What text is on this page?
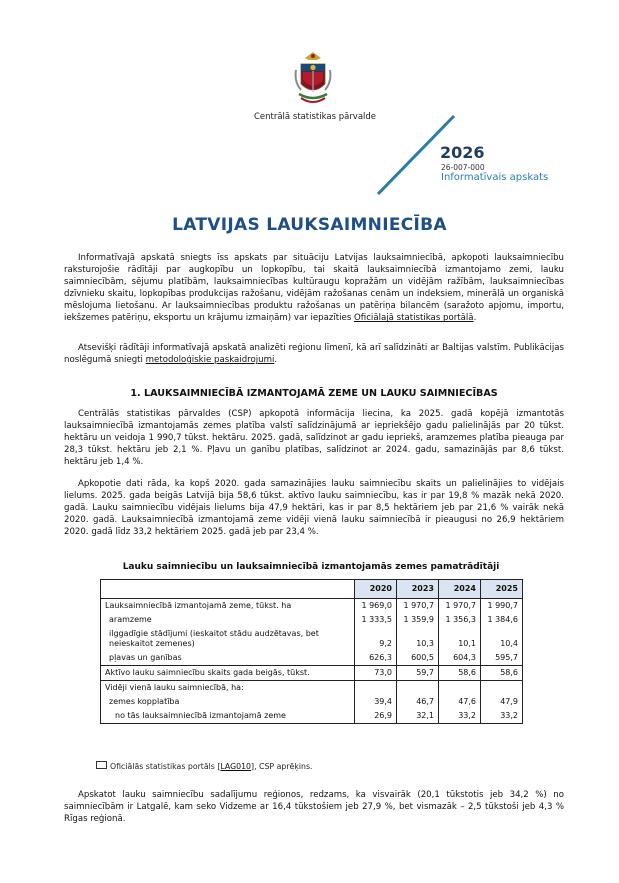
Centrālā statistikas pārvalde
2026
26-007-000
Informatīvais apskats
LATVIJAS LAUKSAIMNIECĪBA

Informatīvajā apskatā sniegts īss apskats par situāciju Latvijas lauksaimniecībā, apkopoti lauksaimniecību raksturojošie rādītāji par augkopību un lopkopību, tai skaitā lauksaimniecībā izmantojamo zemi, lauku saimniecībām, sējumu platībām, lauksaimniecības kultūraugu kopražām un vidējām ražībām, lauksaimniecības dzīvnieku skaitu, lopkopības produkcijas ražošanu, vidējām ražošanas cenām un indeksiem, minerālā un organiskā mēslojuma lietošanu. Ar lauksaimniecības produktu ražošanas un patēriņa bilancēm (saražoto apjomu, importu, iekšzemes patēriņu, eksportu un krājumu izmaiņām) var iepazīties Oficiālajā statistikas portālā.

Atsevišķi rādītāji informatīvajā apskatā analizēti reģionu līmenī, kā arī salīdzināti ar Baltijas valstīm. Publikācijas noslēgumā sniegti metodoloģiskie paskaidrojumi.

1. LAUKSAIMNIECĪBĀ IZMANTOJAMĀ ZEME UN LAUKU SAIMNIECĪBAS

Centrālās statistikas pārvaldes (CSP) apkopotā informācija liecina, ka 2025. gadā kopējā izmantotās lauksaimniecībā izmantojamās zemes platība valstī salīdzinājumā ar iepriekšējo gadu palielinājās par 20 tūkst. hektāru un veidoja 1 990,7 tūkst. hektāru. 2025. gadā, salīdzinot ar gadu iepriekš, aramzemes platība pieauga par 28,3 tūkst. hektāru jeb 2,1 %. Pļavu un ganību platības, salīdzinot ar 2024. gadu, samazinājās par 8,6 tūkst. hektāru jeb 1,4 %.

Apkopotie dati rāda, ka kopš 2020. gada samazinājies lauku saimniecību skaits un palielinājies to vidējais lielums. 2025. gada beigās Latvijā bija 58,6 tūkst. aktīvo lauku saimniecību, kas ir par 19,8 % mazāk nekā 2020. gadā. Lauku saimniecību vidējais lielums bija 47,9 hektāri, kas ir par 8,5 hektāriem jeb par 21,6 % vairāk nekā 2020. gadā. Lauksaimniecībā izmantojamā zeme vidēji vienā lauku saimniecībā ir pieaugusi no 26,9 hektāriem 2020. gadā līdz 33,2 hektāriem 2025. gadā jeb par 23,4 %.

Lauku saimniecību un lauksaimniecībā izmantojamās zemes pamatrādītāji
	2020	2023	2024	2025
Lauksaimniecībā izmantojamā zeme, tūkst. ha	1 969,0	1 970,7	1 970,7	1 990,7
aramzeme	1 333,5	1 359,9	1 356,3	1 384,6
ilggadīgie stādījumi (ieskaitot stādu audzētavas, bet neieskaitot zemenes)	9,2	10,3	10,1	10,4
pļavas un ganības	626,3	600,5	604,3	595,7
Aktīvo lauku saimniecību skaits gada beigās, tūkst.	73,0	59,7	58,6	58,6
Vidēji vienā lauku saimniecībā, ha:				
zemes kopplatība	39,4	46,7	47,6	47,9
no tās lauksaimniecībā izmantojamā zeme	26,9	32,1	33,2	33,2
Oficiālās statistikas portāls [LAG010], CSP aprēķins.

Apskatot lauku saimniecību sadalījumu reģionos, redzams, ka visvairāk (20,1 tūkstotis jeb 34,2 %) no saimniecībām ir Latgalē, kam seko Vidzeme ar 16,4 tūkstošiem jeb 27,9 %, bet vismazāk – 2,5 tūkstoši jeb 4,3 % Rīgas reģionā.
